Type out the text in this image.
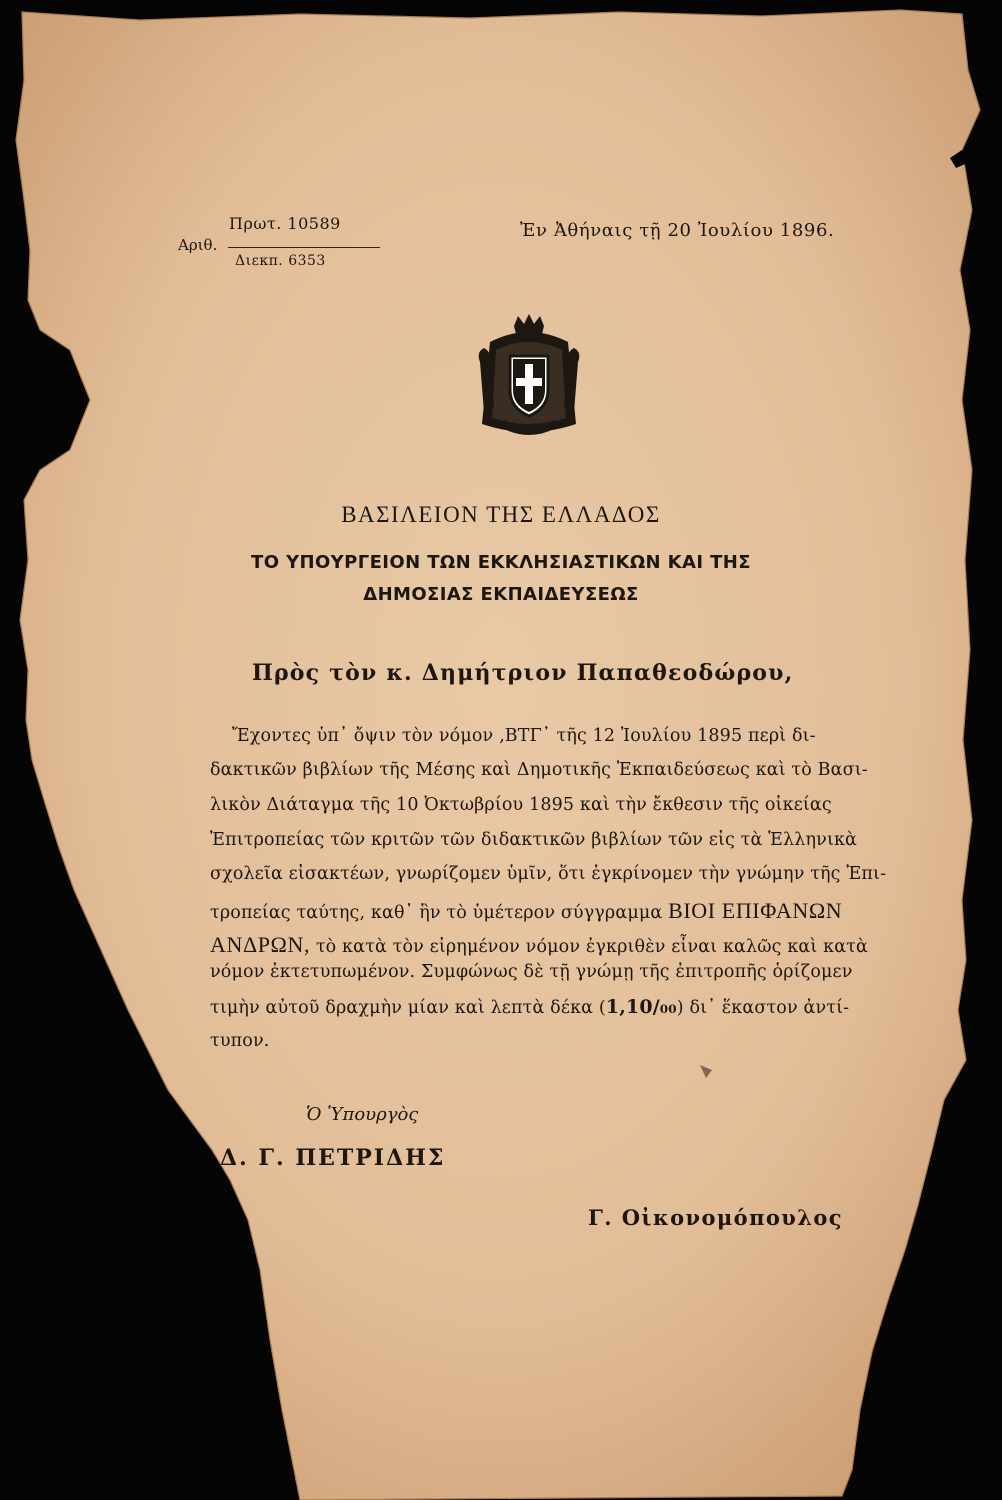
Αριθ.
Πρωτ. 10589
Διεκπ. 6353
Ἐν Ἀθήναις τῇ 20 Ἰουλίου 1896.
ΒΑΣΙΛΕΙΟΝ ΤΗΣ ΕΛΛΑΔΟΣ
ΤΟ ΥΠΟΥΡΓΕΙΟΝ ΤΩΝ ΕΚΚΛΗΣΙΑΣΤΙΚΩΝ ΚΑΙ ΤΗΣ
ΔΗΜΟΣΙΑΣ ΕΚΠΑΙΔΕΥΣΕΩΣ
Πρὸς τὸν κ. Δημήτριον Παπαθεοδώρου,
Ἔχοντες ὑπ᾽ ὄψιν τὸν νόμον ‚ΒΤΓ᾽ τῆς 12 Ἰουλίου 1895 περὶ δι-
δακτικῶν βιβλίων τῆς Μέσης καὶ Δημοτικῆς Ἐκπαιδεύσεως καὶ τὸ Βασι-
λικὸν Διάταγμα τῆς 10 Ὀκτωβρίου 1895 καὶ τὴν ἔκθεσιν τῆς οἰκείας
Ἐπιτροπείας τῶν κριτῶν τῶν διδακτικῶν βιβλίων τῶν εἰς τὰ Ἑλληνικὰ
σχολεῖα εἰσακτέων, γνωρίζομεν ὑμῖν, ὅτι ἐγκρίνομεν τὴν γνώμην τῆς Ἐπι-
τροπείας ταύτης, καθ᾽ ἣν τὸ ὑμέτερον σύγγραμμα ΒΙΟΙ ΕΠΙΦΑΝΩΝ
ΑΝΔΡΩΝ, τὸ κατὰ τὸν εἰρημένον νόμον ἐγκριθὲν εἶναι καλῶς καὶ κατὰ
νόμον ἐκτετυπωμένον. Συμφώνως δὲ τῇ γνώμῃ τῆς ἐπιτροπῆς ὁρίζομεν
τιμὴν αὐτοῦ δραχμὴν μίαν καὶ λεπτὰ δέκα (1,10/₀₀) δι᾽ ἕκαστον ἀντί-
τυπον.
Ὁ Ὑπουργὸς
Δ. Γ. ΠΕΤΡΙΔΗΣ
Γ. Οἰκονομόπουλος
